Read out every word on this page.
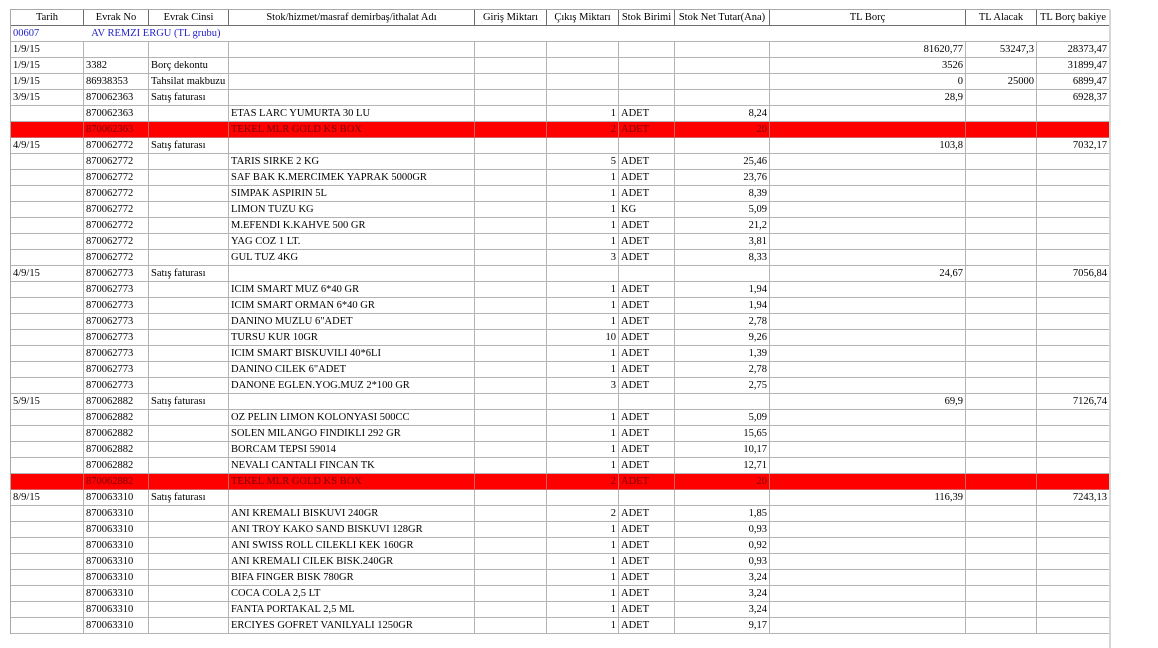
Tarih	Evrak No	Evrak Cinsi	Stok/hizmet/masraf demirbaş/ithalat Adı	Giriş Miktarı	Çıkış Miktarı	Stok Birimi	Stok Net Tutar(Ana)	TL Borç	TL Alacak	TL Borç bakiye
00607 AV REMZI ERGU (TL grubu)										
1/9/15								81620,77	53247,3	28373,47
1/9/15	3382	Borç dekontu						3526		31899,47
1/9/15	86938353	Tahsilat makbuzu						0	25000	6899,47
3/9/15	870062363	Satış faturası						28,9		6928,37
	870062363		ETAS LARC YUMURTA 30 LU		1	ADET	8,24			
	870062363		TEKEL MLR GOLD KS BOX		2	ADET	20			
4/9/15	870062772	Satış faturası						103,8		7032,17
	870062772		TARIS SIRKE 2 KG		5	ADET	25,46			
	870062772		SAF BAK K.MERCIMEK YAPRAK 5000GR		1	ADET	23,76			
	870062772		SIMPAK ASPIRIN 5L		1	ADET	8,39			
	870062772		LIMON TUZU KG		1	KG	5,09			
	870062772		M.EFENDI K.KAHVE 500 GR		1	ADET	21,2			
	870062772		YAG COZ 1 LT.		1	ADET	3,81			
	870062772		GUL TUZ 4KG		3	ADET	8,33			
4/9/15	870062773	Satış faturası						24,67		7056,84
	870062773		ICIM SMART MUZ 6*40 GR		1	ADET	1,94			
	870062773		ICIM SMART ORMAN 6*40 GR		1	ADET	1,94			
	870062773		DANINO MUZLU 6"ADET		1	ADET	2,78			
	870062773		TURSU KUR 10GR		10	ADET	9,26			
	870062773		ICIM SMART BISKUVILI 40*6LI		1	ADET	1,39			
	870062773		DANINO CILEK 6"ADET		1	ADET	2,78			
	870062773		DANONE EGLEN.YOG.MUZ 2*100 GR		3	ADET	2,75			
5/9/15	870062882	Satış faturası						69,9		7126,74
	870062882		OZ PELIN LIMON KOLONYASI 500CC		1	ADET	5,09			
	870062882		SOLEN MILANGO FINDIKLI 292 GR		1	ADET	15,65			
	870062882		BORCAM TEPSI 59014		1	ADET	10,17			
	870062882		NEVALI CANTALI FINCAN TK		1	ADET	12,71			
	870062882		TEKEL MLR GOLD KS BOX		2	ADET	20			
8/9/15	870063310	Satış faturası						116,39		7243,13
	870063310		ANI KREMALI BISKUVI 240GR		2	ADET	1,85			
	870063310		ANI TROY KAKO SAND BISKUVI 128GR		1	ADET	0,93			
	870063310		ANI SWISS ROLL CILEKLI KEK 160GR		1	ADET	0,92			
	870063310		ANI KREMALI CILEK BISK.240GR		1	ADET	0,93			
	870063310		BIFA FINGER BISK 780GR		1	ADET	3,24			
	870063310		COCA COLA 2,5 LT		1	ADET	3,24			
	870063310		FANTA PORTAKAL 2,5 ML		1	ADET	3,24			
	870063310		ERCIYES GOFRET VANILYALI 1250GR		1	ADET	9,17			
